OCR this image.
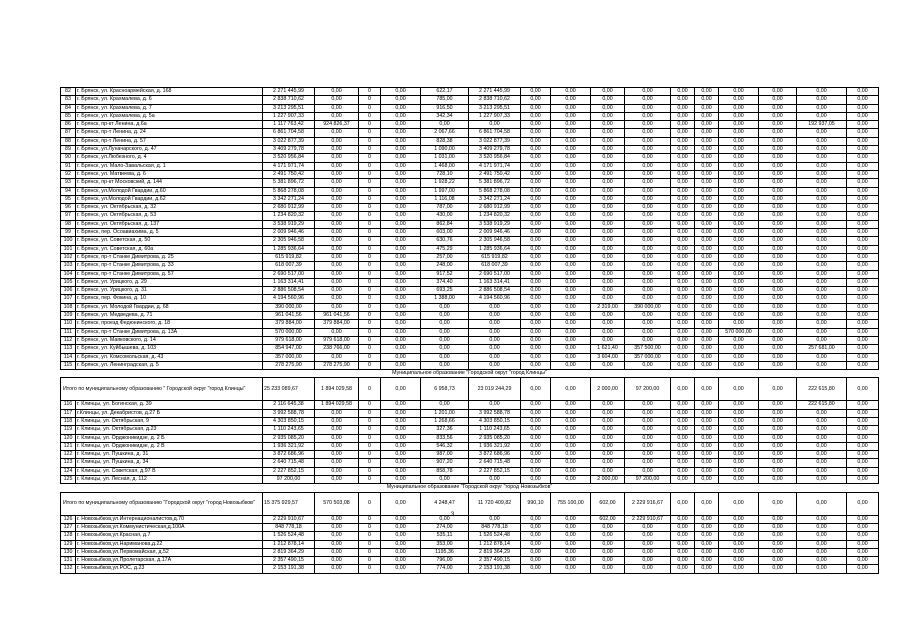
82	г. Брянск, ул. Красноармейская, д. 168	2 271 445,99	0,00	0	0,00	622,17	2 271 445,99	0,00	0,00	0,00	0,00	0,00	0,00	0,00	0,00	0,00	0,00
83	г. Брянск, ул. Крахмалева, д. 6	2 838 710,62	0,00	0	0,00	785,00	2 838 710,62	0,00	0,00	0,00	0,00	0,00	0,00	0,00	0,00	0,00	0,00
84	г. Брянск, ул. Крахмалева, д. 7	3 213 295,51	0,00	0	0,00	916,50	3 213 295,51	0,00	0,00	0,00	0,00	0,00	0,00	0,00	0,00	0,00	0,00
85	г. Брянск, ул. Крахмалева, д. 5а	1 227 907,33	0,00	0	0,00	342,34	1 227 907,33	0,00	0,00	0,00	0,00	0,00	0,00	0,00	0,00	0,00	0,00
86	г. Брянск, пр-кт Ленина, д.6а	1 117 763,42	924 826,37	0	0,00	0,00	0,00	0,00	0,00	0,00	0,00	0,00	0,00	0,00	0,00	192 937,05	0,00
87	г. Брянск, пр-т Ленина, д. 24	6 861 704,58	0,00	0	0,00	2 067,66	6 861 704,58	0,00	0,00	0,00	0,00	0,00	0,00	0,00	0,00	0,00	0,00
88	г. Брянск, пр-т Ленина, д. 57	3 022 877,39	0,00	0	0,00	828,38	3 022 877,39	0,00	0,00	0,00	0,00	0,00	0,00	0,00	0,00	0,00	0,00
89	г. Брянск, ул.Луначарского, д. 47	3 409 279,78	0,00	0	0,00	1 090,00	3 409 279,78	0,00	0,00	0,00	0,00	0,00	0,00	0,00	0,00	0,00	0,00
90	г. Брянск, ул.Любезного, д. 4	3 520 956,84	0,00	0	0,00	1 031,00	3 520 956,84	0,00	0,00	0,00	0,00	0,00	0,00	0,00	0,00	0,00	0,00
91	г. Брянск, ул. Мало-Завальская, д. 1	4 171 971,74	0,00	0	0,00	1 468,00	4 171 971,74	0,00	0,00	0,00	0,00	0,00	0,00	0,00	0,00	0,00	0,00
92	г. Брянск, ул. Матвеева, д. 6	2 491 750,42	0,00	0	0,00	728,10	2 491 750,42	0,00	0,00	0,00	0,00	0,00	0,00	0,00	0,00	0,00	0,00
93	г. Брянск, пр-кт Московский, д. 144	5 381 896,72	0,00	0	0,00	1 928,22	5 381 896,72	0,00	0,00	0,00	0,00	0,00	0,00	0,00	0,00	0,00	0,00
94	г. Брянск, ул.Молодой Гвардии, д.60	5 868 278,08	0,00	0	0,00	1 997,00	5 868 278,08	0,00	0,00	0,00	0,00	0,00	0,00	0,00	0,00	0,00	0,00
95	г. Брянск, ул.Молодой Гвардии, д.62	3 342 271,24	0,00	0	0,00	1 116,08	3 342 271,24	0,00	0,00	0,00	0,00	0,00	0,00	0,00	0,00	0,00	0,00
96	г. Брянск, ул. Октябрьская, д. 32	2 680 912,99	0,00	0	0,00	787,00	2 680 912,99	0,00	0,00	0,00	0,00	0,00	0,00	0,00	0,00	0,00	0,00
97	г. Брянск, ул. Октябрьская, д. 53	1 234 820,32	0,00	0	0,00	430,00	1 234 820,32	0,00	0,00	0,00	0,00	0,00	0,00	0,00	0,00	0,00	0,00
98	г. Брянск, ул. Октябрьская, д. 137	3 538 919,29	0,00	0	0,00	862,84	3 538 919,29	0,00	0,00	0,00	0,00	0,00	0,00	0,00	0,00	0,00	0,00
99	г. Брянск, пер. Осоавиахима, д. 5	2 009 946,46	0,00	0	0,00	603,00	2 009 946,46	0,00	0,00	0,00	0,00	0,00	0,00	0,00	0,00	0,00	0,00
100	г. Брянск, ул. Советская, д. 50	2 305 946,58	0,00	0	0,00	630,76	2 305 946,58	0,00	0,00	0,00	0,00	0,00	0,00	0,00	0,00	0,00	0,00
101	г. Брянск, ул. Советская, д. 60а	1 285 936,64	0,00	0	0,00	475,29	1 285 936,64	0,00	0,00	0,00	0,00	0,00	0,00	0,00	0,00	0,00	0,00
102	г. Брянск, пр-т Станке Димитрова, д. 25	615 919,82	0,00	0	0,00	257,00	615 919,82	0,00	0,00	0,00	0,00	0,00	0,00	0,00	0,00	0,00	0,00
103	г. Брянск, пр-т Станке Димитрова, д. 33	618 007,39	0,00	0	0,00	248,00	618 007,39	0,00	0,00	0,00	0,00	0,00	0,00	0,00	0,00	0,00	0,00
104	г. Брянск, пр-т Станке Димитрова, д. 57	2 690 517,00	0,00	0	0,00	917,52	2 690 517,00	0,00	0,00	0,00	0,00	0,00	0,00	0,00	0,00	0,00	0,00
105	г. Брянск, ул. Урицкого, д. 29	1 163 314,41	0,00	0	0,00	374,40	1 163 314,41	0,00	0,00	0,00	0,00	0,00	0,00	0,00	0,00	0,00	0,00
106	г. Брянск, ул. Урицкого, д. 31	2 886 508,54	0,00	0	0,00	693,25	2 886 508,54	0,00	0,00	0,00	0,00	0,00	0,00	0,00	0,00	0,00	0,00
107	г. Брянск, пер. Фокина, д. 10	4 194 560,96	0,00	0	0,00	1 388,00	4 194 560,96	0,00	0,00	0,00	0,00	0,00	0,00	0,00	0,00	0,00	0,00
108	г. Брянск, ул. Молодой Гвардии, д. 68	390 000,00	0,00	0	0,00	0,00	0,00	0,00	0,00	2 319,00	390 000,00	0,00	0,00	0,00	0,00	0,00	0,00
109	г. Брянск, ул. Медведева, д. 71	961 041,56	961 041,56	0	0,00	0,00	0,00	0,00	0,00	0,00	0,00	0,00	0,00	0,00	0,00	0,00	0,00
110	г. Брянск, проезд Федюнинского, д. 18	379 884,00	379 884,00	0	0,00	0,00	0,00	0,00	0,00	0,00	0,00	0,00	0,00	0,00	0,00	0,00	0,00
111	г. Брянск, пр-т Станке Димитрова, д. 13А	570 000,00	0,00	0	0,00	0,00	0,00	0,00	0,00	0,00	0,00	0,00	0,00	570 000,00	0,00	0,00	0,00
112	г. Брянск, ул. Маяковского, д. 14	979 618,00	979 618,00	0	0,00	0,00	0,00	0,00	0,00	0,00	0,00	0,00	0,00	0,00	0,00	0,00	0,00
113	г. Брянск, ул. Куйбышева, д. 103	854 947,00	238 766,00	0	0,00	0,00	0,00	0,00	0,00	1 621,40	357 500,00	0,00	0,00	0,00	0,00	257 681,00	0,00
114	г. Брянск, ул. Комсомольская, д. 43	357 000,00	0,00	0	0,00	0,00	0,00	0,00	0,00	3 604,00	357 000,00	0,00	0,00	0,00	0,00	0,00	0,00
115	г. Брянск, ул. Ленинградская, д. 5	278 275,90	278 275,90	0	0,00	0,00	0,00	0,00	0,00	0,00	0,00	0,00	0,00	0,00	0,00	0,00	0,00
Муниципальное образование "Городской округ "город Клинцы"																	
Итого по муниципальному образованию " Городской округ "город Клинцы"		25 233 089,67	1 894 029,58	0	0,00	6 958,73	23 019 244,29	0,00	0,00	2 000,00	97 200,00	0,00	0,00	0,00	0,00	222 615,80	0,00
116	г. Клинцы, ул. Богинская, д. 39	2 116 645,38	1 894 029,58	0	0,00	0,00	0,00	0,00	0,00	0,00	0,00	0,00	0,00	0,00	0,00	222 615,80	0,00
117	г.Клинцы, ул. Декабристов, д.27 Б	3 992 588,78	0,00	0	0,00	1 201,00	3 992 588,78	0,00	0,00	0,00	0,00	0,00	0,00	0,00	0,00	0,00	0,00
118	г. Клинцы, ул. Октябрьская, 9	4 303 850,15	0,00	0	0,00	1 268,66	4 303 850,15	0,00	0,00	0,00	0,00	0,00	0,00	0,00	0,00	0,00	0,00
119	г. Клинцы, ул. Октябрьская, д.23	1 110 243,65	0,00	0	0,00	327,36	1 110 243,65	0,00	0,00	0,00	0,00	0,00	0,00	0,00	0,00	0,00	0,00
120	г. Клинцы, ул. Орджоникидзе, д. 2 Б	2 935 085,20	0,00	0	0,00	833,56	2 935 085,20	0,00	0,00	0,00	0,00	0,00	0,00	0,00	0,00	0,00	0,00
121	г. Клинцы, ул. Орджоникидзе, д. 2 В	1 936 321,92	0,00	0	0,00	546,32	1 936 321,92	0,00	0,00	0,00	0,00	0,00	0,00	0,00	0,00	0,00	0,00
122	г. Клинцы, ул. Пушкина, д. 31	3 872 686,96	0,00	0	0,00	987,00	3 872 686,96	0,00	0,00	0,00	0,00	0,00	0,00	0,00	0,00	0,00	0,00
123	г. Клинцы, ул. Пушкина, д. 34	2 640 715,48	0,00	0	0,00	907,20	2 640 715,48	0,00	0,00	0,00	0,00	0,00	0,00	0,00	0,00	0,00	0,00
124	г. Клинцы, ул. Советская, д.97 В	2 227 852,15	0,00	0	0,00	858,78	2 227 852,15	0,00	0,00	0,00	0,00	0,00	0,00	0,00	0,00	0,00	0,00
125	г. Клинцы, ул. Лесная, д. 112	97 200,00	0,00	0	0,00	0,00	0,00	0,00	0,00	2 000,00	97 200,00	0,00	0,00	0,00	0,00	0,00	0,00
Муниципальное образование "Городской округ "город Новозыбков"																	
Итого по муниципальному образованию "Городской округ "город Новозыбков"		15 375 929,57	570 503,08	0	0,00	4 248,47	11 720 409,82	990,10	755 100,00	602,00	2 229 916,67	0,00	0,00	0,00	0,00	0,00	0,00
126	г. Новозыбков,ул.Интернационалистов,д.70	2 229 910,67	0,00	0	0,00	0,00	0,00	0,00	0,00	602,00	2 229 910,67	0,00	0,00	0,00	0,00	0,00	0,00
127	г. Новозыбков,ул.Коммунистическая,д.100А	848 778,18	0,00	0	0,00	274,00	848 778,18	0,00	0,00	0,00	0,00	0,00	0,00	0,00	0,00	0,00	0,00
128	г. Новозыбков,ул.Красная, д.7	1 526 524,48	0,00	0	0,00	535,11	1 526 524,48	0,00	0,00	0,00	0,00	0,00	0,00	0,00	0,00	0,00	0,00
129	г. Новозыбков,ул.Нариманова,д.22	1 212 878,14	0,00	0	0,00	353,00	1 212 878,14	0,00	0,00	0,00	0,00	0,00	0,00	0,00	0,00	0,00	0,00
130	г. Новозыбков,ул.Первомайская, д.52	2 819 364,29	0,00	0	0,00	1195,36	2 819 364,29	0,00	0,00	0,00	0,00	0,00	0,00	0,00	0,00	0,00	0,00
131	г. Новозыбков,ул.Пролетарская, д.17А	2 357 490,15	0,00	0	0,00	796,00	2 357 490,15	0,00	0,00	0,00	0,00	0,00	0,00	0,00	0,00	0,00	0,00
132	г. Новозыбков,ул.РОС, д.23	2 153 191,38	0,00	0	0,00	774,00	2 153 191,38	0,00	0,00	0,00	0,00	0,00	0,00	0,00	0,00	0,00	0,00
3
